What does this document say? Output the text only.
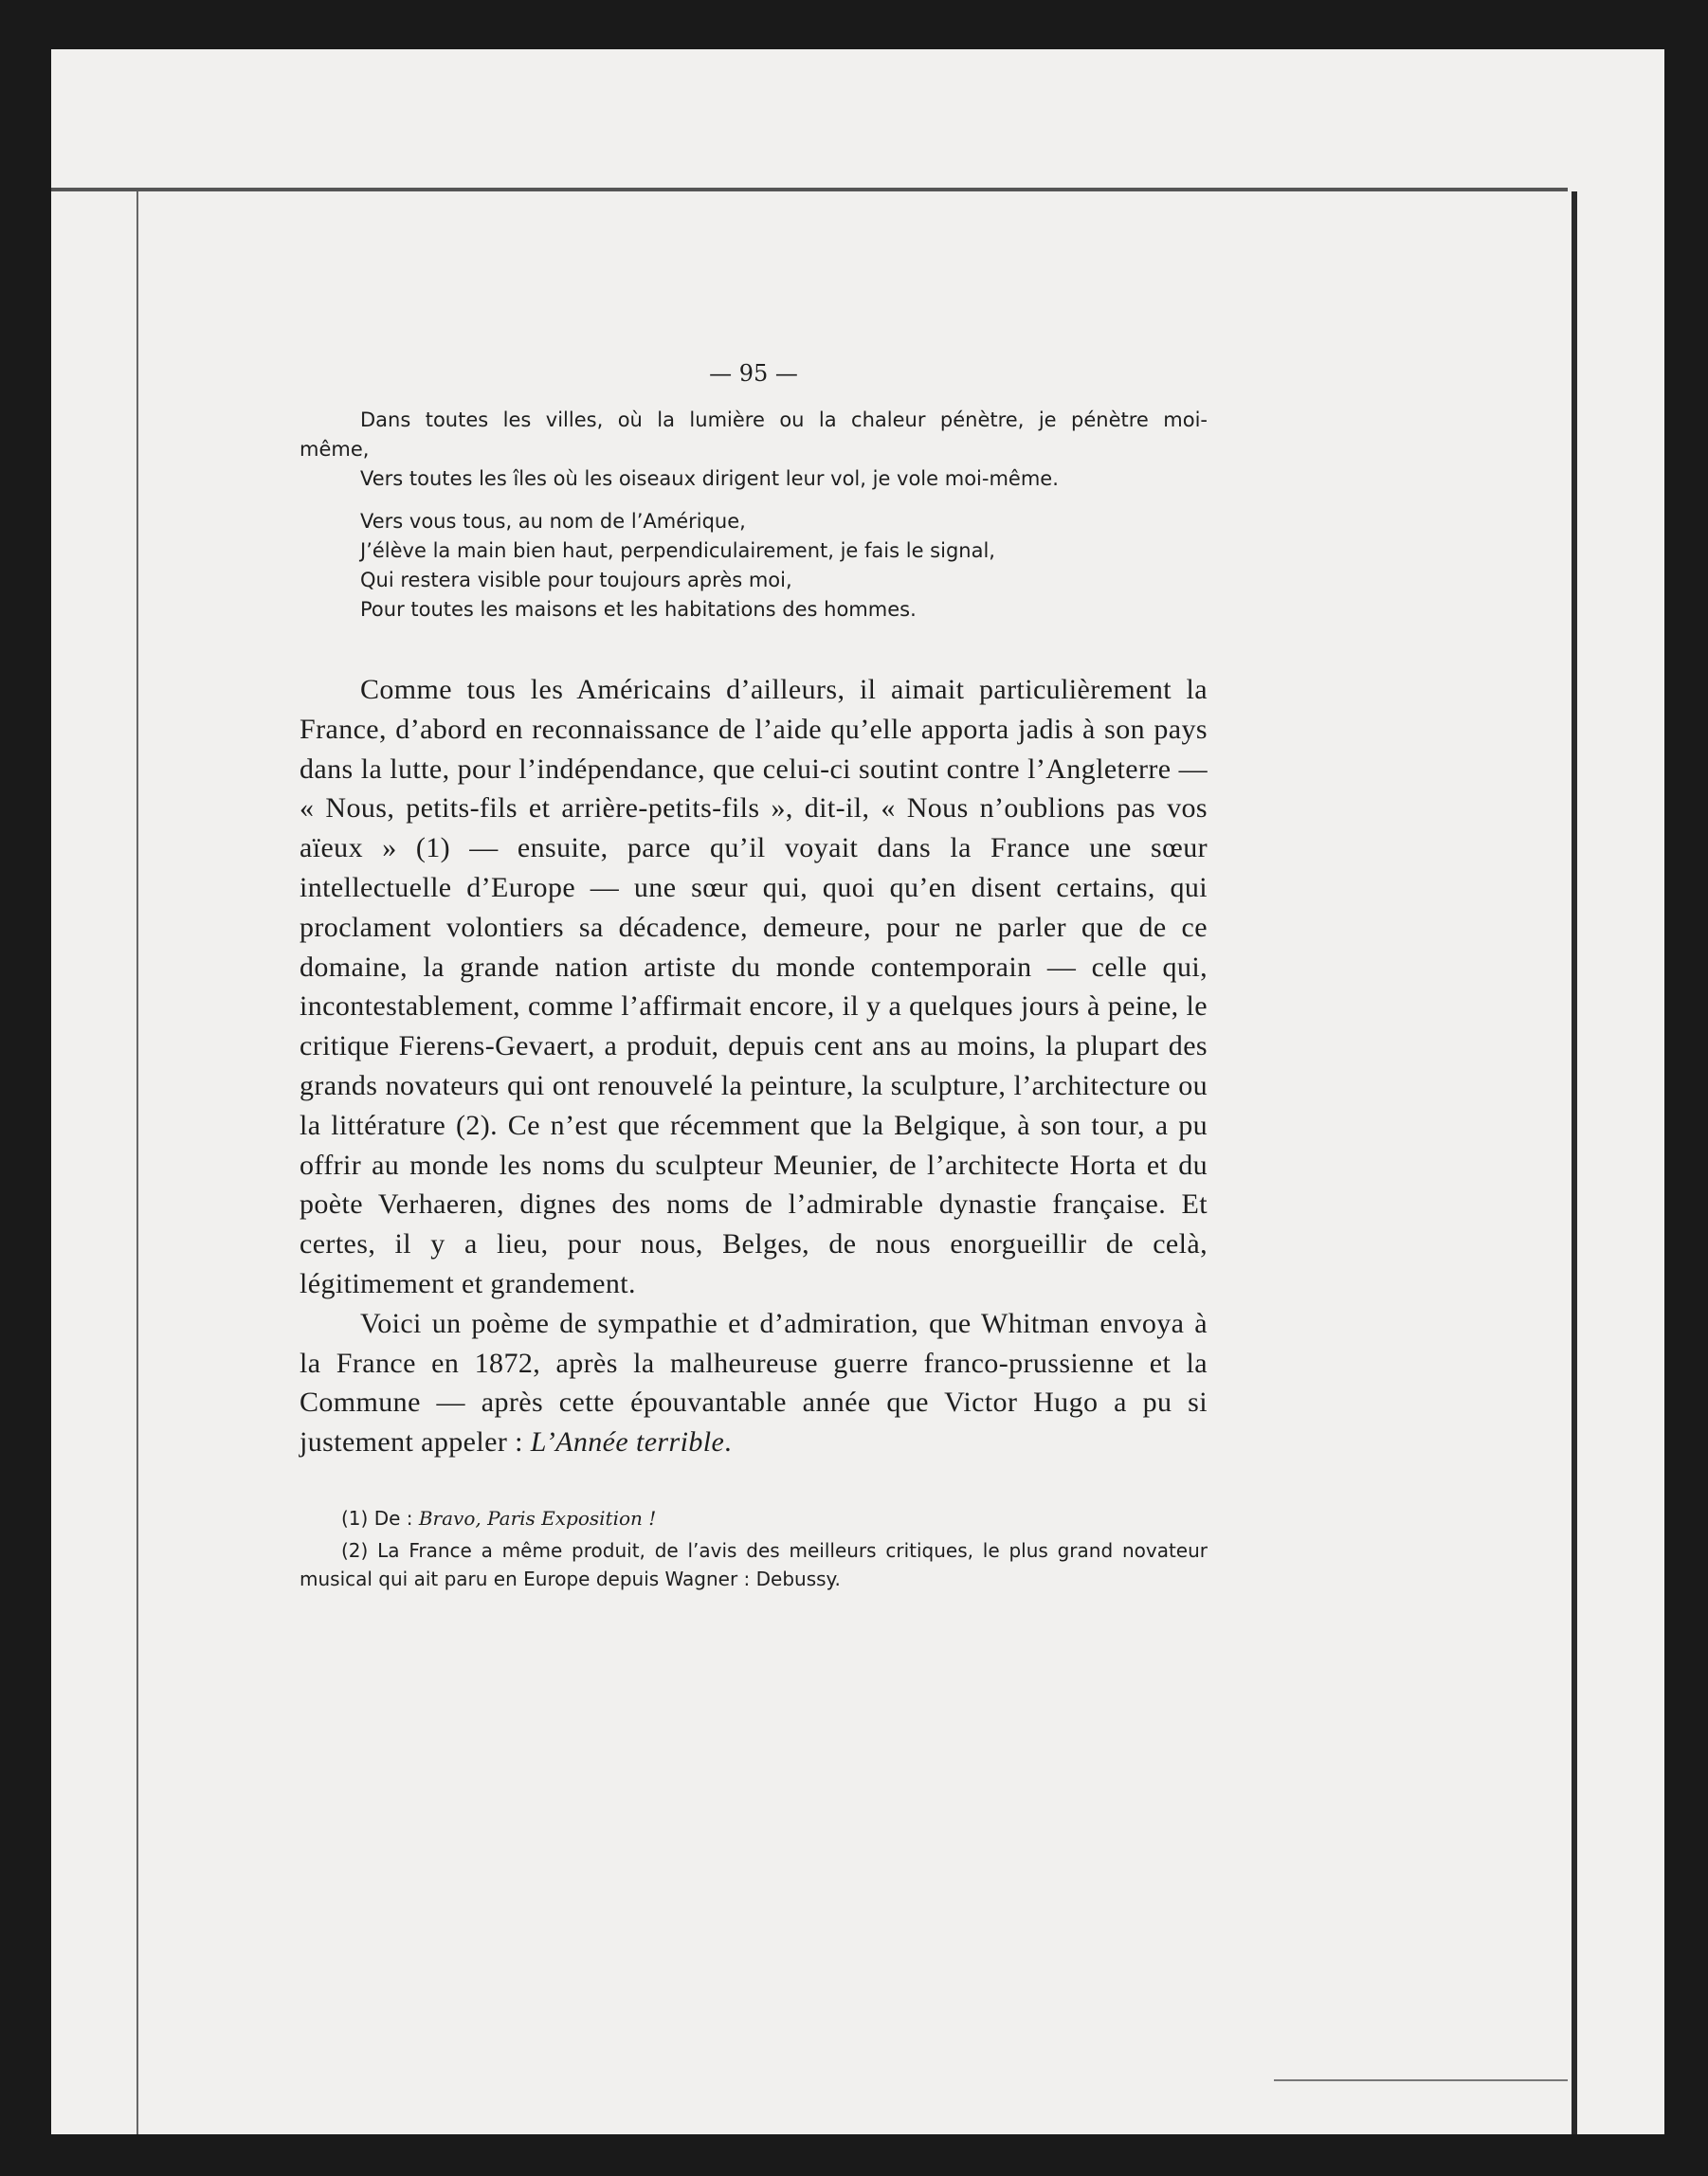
— 95 —

Dans toutes les villes, où la lumière ou la chaleur pénètre, je pénètre moi-

même,

Vers toutes les îles où les oiseaux dirigent leur vol, je vole moi-même.

Vers vous tous, au nom de l’Amérique,

J’élève la main bien haut, perpendiculairement, je fais le signal,

Qui restera visible pour toujours après moi,

Pour toutes les maisons et les habitations des hommes.

Comme tous les Américains d’ailleurs, il aimait particulièrement la France, d’abord en reconnaissance de l’aide qu’elle apporta jadis à son pays dans la lutte, pour l’indépendance, que celui-ci soutint contre l’Angleterre — « Nous, petits-fils et arrière-petits-fils », dit-il, « Nous n’oublions pas vos aïeux » (1) — ensuite, parce qu’il voyait dans la France une sœur intellectuelle d’Europe — une sœur qui, quoi qu’en disent certains, qui proclament volontiers sa décadence, demeure, pour ne parler que de ce domaine, la grande nation artiste du monde contemporain — celle qui, incontestablement, comme l’affirmait encore, il y a quelques jours à peine, le critique Fierens-Gevaert, a produit, depuis cent ans au moins, la plupart des grands novateurs qui ont renouvelé la peinture, la sculpture, l’architecture ou la littérature (2). Ce n’est que récemment que la Belgique, à son tour, a pu offrir au monde les noms du sculpteur Meunier, de l’architecte Horta et du poète Verhaeren, dignes des noms de l’admirable dynastie française. Et certes, il y a lieu, pour nous, Belges, de nous enorgueillir de celà, légitimement et grandement.

Voici un poème de sympathie et d’admiration, que Whitman envoya à la France en 1872, après la malheureuse guerre franco-prussienne et la Commune — après cette épouvantable année que Victor Hugo a pu si justement appeler : L’Année terrible.

(1) De : Bravo, Paris Exposition !

(2) La France a même produit, de l’avis des meilleurs critiques, le plus grand novateur musical qui ait paru en Europe depuis Wagner : Debussy.
